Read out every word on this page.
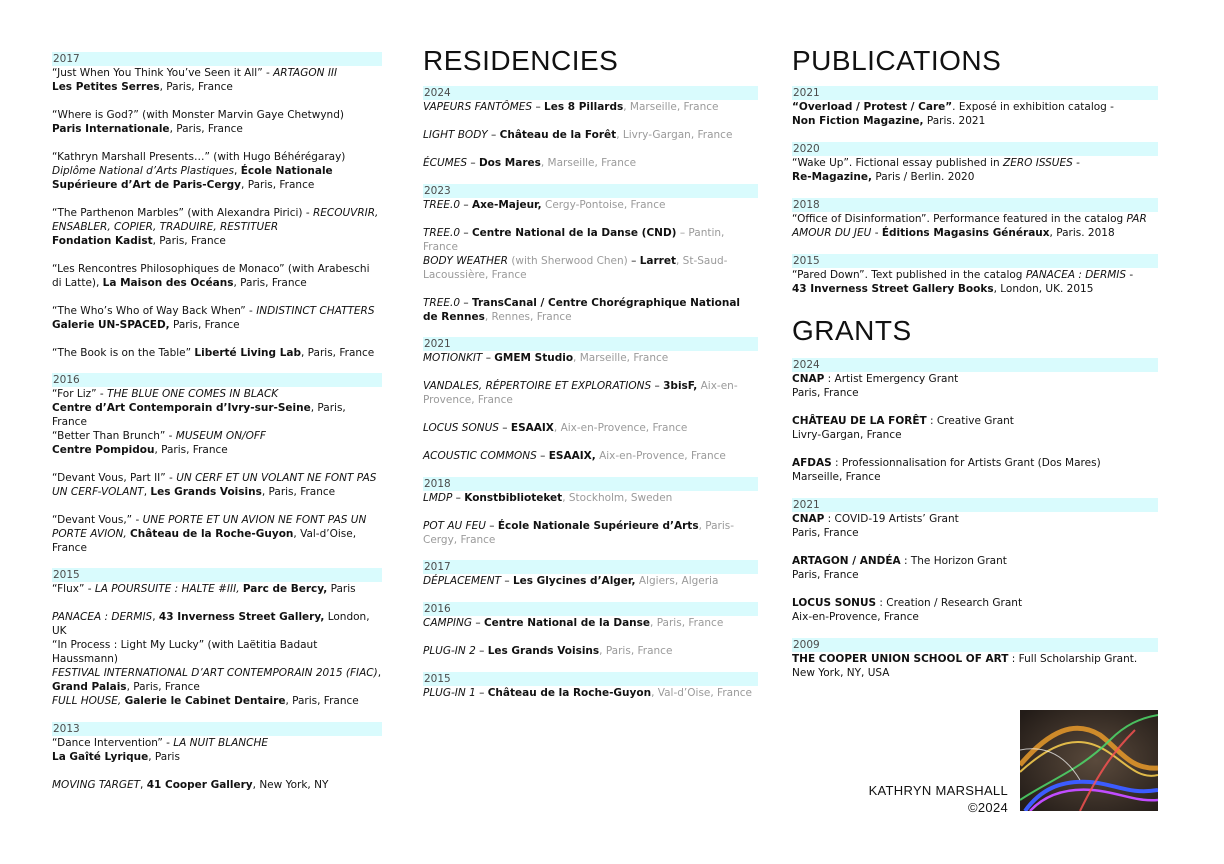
2017
“Just When You Think You’ve Seen it All” - ARTAGON III
Les Petites Serres, Paris, France
“Where is God?” (with Monster Marvin Gaye Chetwynd)
Paris Internationale, Paris, France
“Kathryn Marshall Presents…” (with Hugo Béhérégaray)
Diplôme National d’Arts Plastiques, École Nationale Supérieure d’Art de Paris-Cergy, Paris, France
“The Parthenon Marbles” (with Alexandra Pirici) - RECOUVRIR, ENSABLER, COPIER, TRADUIRE, RESTITUER
Fondation Kadist, Paris, France
“Les Rencontres Philosophiques de Monaco” (with Arabeschi di Latte), La Maison des Océans, Paris, France
“The Who’s Who of Way Back When” - INDISTINCT CHATTERS
Galerie UN-SPACED, Paris, France
“The Book is on the Table” Liberté Living Lab, Paris, France
2016
“For Liz” - THE BLUE ONE COMES IN BLACK
Centre d’Art Contemporain d’Ivry-sur-Seine, Paris, France
“Better Than Brunch” - MUSEUM ON/OFF
Centre Pompidou, Paris, France
“Devant Vous, Part II” - UN CERF ET UN VOLANT NE FONT PAS UN CERF-VOLANT, Les Grands Voisins, Paris, France
“Devant Vous,” - UNE PORTE ET UN AVION NE FONT PAS UN PORTE AVION, Château de la Roche-Guyon, Val-d’Oise, France
2015
“Flux” - LA POURSUITE : HALTE #III, Parc de Bercy, Paris
PANACEA : DERMIS, 43 Inverness Street Gallery, London, UK
“In Process : Light My Lucky” (with Laëtitia Badaut Haussmann)
FESTIVAL INTERNATIONAL D’ART CONTEMPORAIN 2015 (FIAC), Grand Palais, Paris, France
FULL HOUSE, Galerie le Cabinet Dentaire, Paris, France
2013
“Dance Intervention” - LA NUIT BLANCHE
La Gaîté Lyrique, Paris
MOVING TARGET, 41 Cooper Gallery, New York, NY
RESIDENCIES
2024
VAPEURS FANTÔMES – Les 8 Pillards, Marseille, France
LIGHT BODY – Château de la Forêt, Livry-Gargan, France
ÉCUMES – Dos Mares, Marseille, France
2023
TREE.0 – Axe-Majeur, Cergy-Pontoise, France
TREE.0 – Centre National de la Danse (CND) – Pantin, France
BODY WEATHER (with Sherwood Chen) – Larret, St-Saud-Lacoussière, France
TREE.0 – TransCanal / Centre Chorégraphique National de Rennes, Rennes, France
2021
MOTIONKIT – GMEM Studio, Marseille, France
VANDALES, RÉPERTOIRE ET EXPLORATIONS – 3bisF, Aix-en-Provence, France
LOCUS SONUS – ESAAIX, Aix-en-Provence, France
ACOUSTIC COMMONS – ESAAIX, Aix-en-Provence, France
2018
LMDP – Konstbiblioteket, Stockholm, Sweden
POT AU FEU – École Nationale Supérieure d’Arts, Paris-Cergy, France
2017
DÉPLACEMENT – Les Glycines d’Alger, Algiers, Algeria
2016
CAMPING – Centre National de la Danse, Paris, France
PLUG-IN 2 – Les Grands Voisins, Paris, France
2015
PLUG-IN 1 – Château de la Roche-Guyon, Val-d’Oise, France
PUBLICATIONS
2021
“Overload / Protest / Care”. Exposé in exhibition catalog -
Non Fiction Magazine, Paris. 2021
2020
“Wake Up”. Fictional essay published in ZERO ISSUES -
Re-Magazine, Paris / Berlin. 2020
2018
“Office of Disinformation”. Performance featured in the catalog PAR AMOUR DU JEU - Éditions Magasins Généraux, Paris. 2018
2015
“Pared Down”. Text published in the catalog PANACEA : DERMIS -
43 Inverness Street Gallery Books, London, UK. 2015
GRANTS
2024
CNAP : Artist Emergency Grant
Paris, France
CHÂTEAU DE LA FORÊT : Creative Grant
Livry-Gargan, France
AFDAS : Professionnalisation for Artists Grant (Dos Mares)
Marseille, France
2021
CNAP : COVID-19 Artists’ Grant
Paris, France
ARTAGON / ANDÉA : The Horizon Grant
Paris, France
LOCUS SONUS : Creation / Research Grant
Aix-en-Provence, France
2009
THE COOPER UNION SCHOOL OF ART : Full Scholarship Grant.
New York, NY, USA
KATHRYN MARSHALL
©2024
